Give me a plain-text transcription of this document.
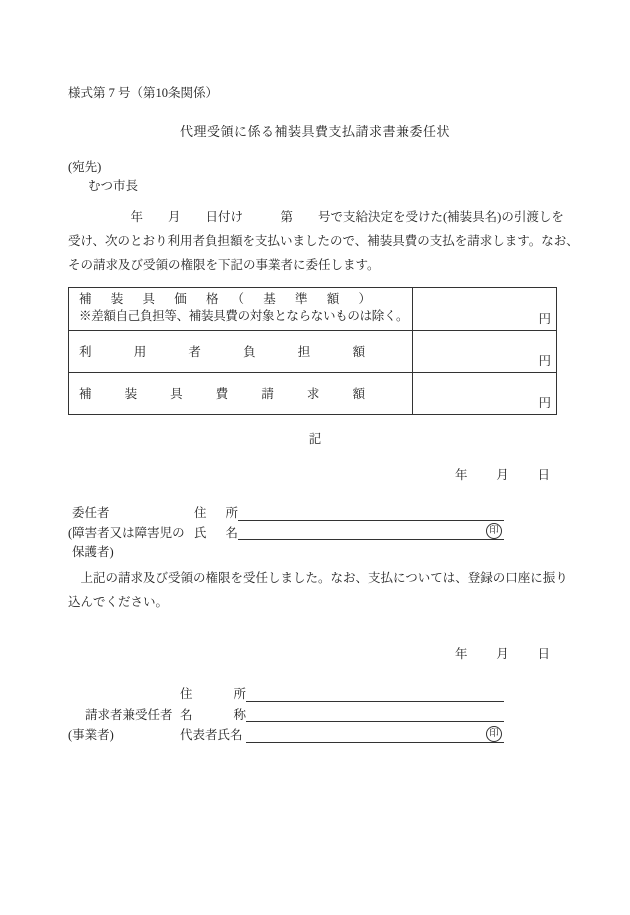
様式第 7 号（第10条関係）
代理受領に係る補装具費支払請求書兼委任状
(宛先)
むつ市長
　　　　　年　　月　　日付け　　　第　　号で支給決定を受けた(補装具名)の引渡しを
受け、次のとおり利用者負担額を支払いましたので、補装具費の支払を請求します。なお、
その請求及び受領の権限を下記の事業者に委任します。
補　装　具　価　格　（　基　準　額　）
※差額自己負担等、補装具費の対象とならないものは除く。	円

利　用　者　負　担　額	円

補　装　具　費　請　求　額	円
記
年　月　日
委任者	住　所
(障害者又は障害児の 氏　名	印
保護者)
　上記の請求及び受領の権限を受任しました。なお、支払については、登録の口座に振り
込んでください。
年　月　日
住　　所
請求者兼受任者 名　　称
(事業者)	代表者氏名	印
